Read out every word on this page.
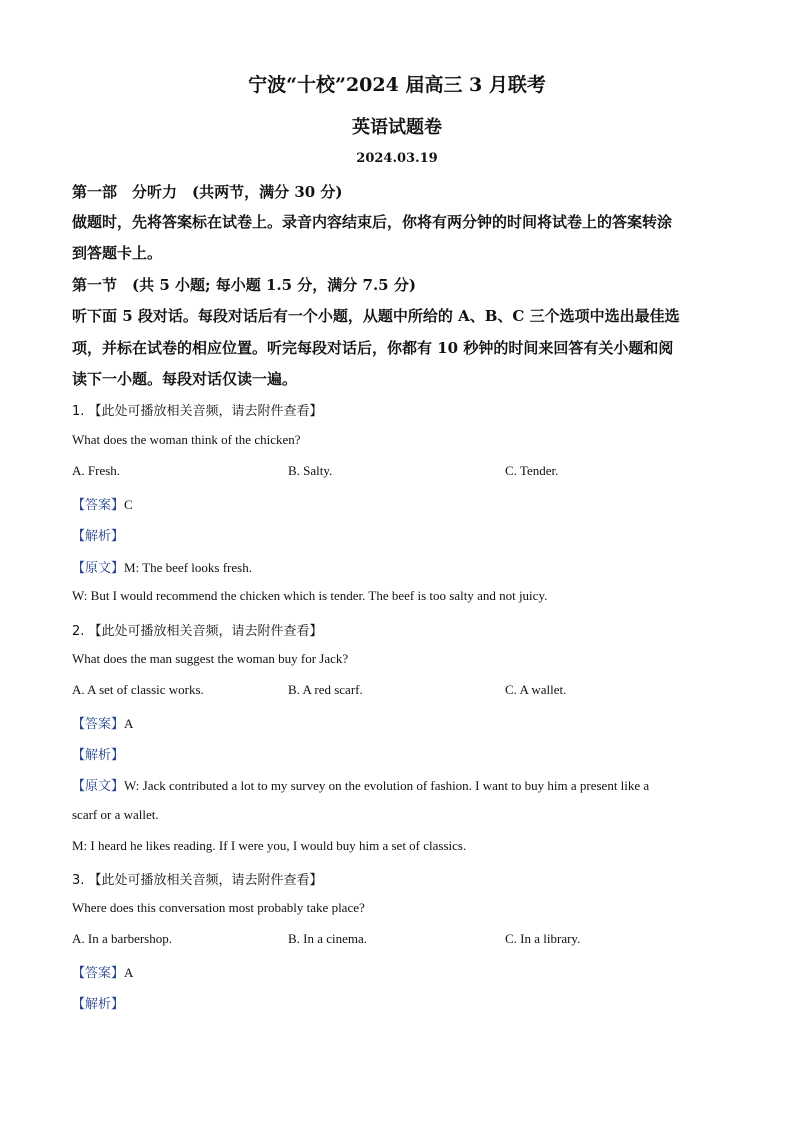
宁波“十校”2024 届高三 3 月联考
英语试题卷
2024.03.19
第一部　分听力　(共两节，满分 30 分)
做题时，先将答案标在试卷上。录音内容结束后，你将有两分钟的时间将试卷上的答案转涂
到答题卡上。
第一节　(共 5 小题; 每小题 1.5 分，满分 7.5 分)
听下面 5 段对话。每段对话后有一个小题，从题中所给的 A、B、C 三个选项中选出最佳选
项，并标在试卷的相应位置。听完每段对话后，你都有 10 秒钟的时间来回答有关小题和阅
读下一小题。每段对话仅读一遍。
1. 【此处可播放相关音频，请去附件查看】
What does the woman think of the chicken?
A. Fresh.	B. Salty.	C. Tender.
【答案】C
【解析】
【原文】M: The beef looks fresh.
W: But I would recommend the chicken which is tender. The beef is too salty and not juicy.
2. 【此处可播放相关音频，请去附件查看】
What does the man suggest the woman buy for Jack?
A. A set of classic works.	B. A red scarf.	C. A wallet.
【答案】A
【解析】
【原文】W: Jack contributed a lot to my survey on the evolution of fashion. I want to buy him a present like a
scarf or a wallet.
M: I heard he likes reading. If I were you, I would buy him a set of classics.
3. 【此处可播放相关音频，请去附件查看】
Where does this conversation most probably take place?
A. In a barbershop.	B. In a cinema.	C. In a library.
【答案】A
【解析】
